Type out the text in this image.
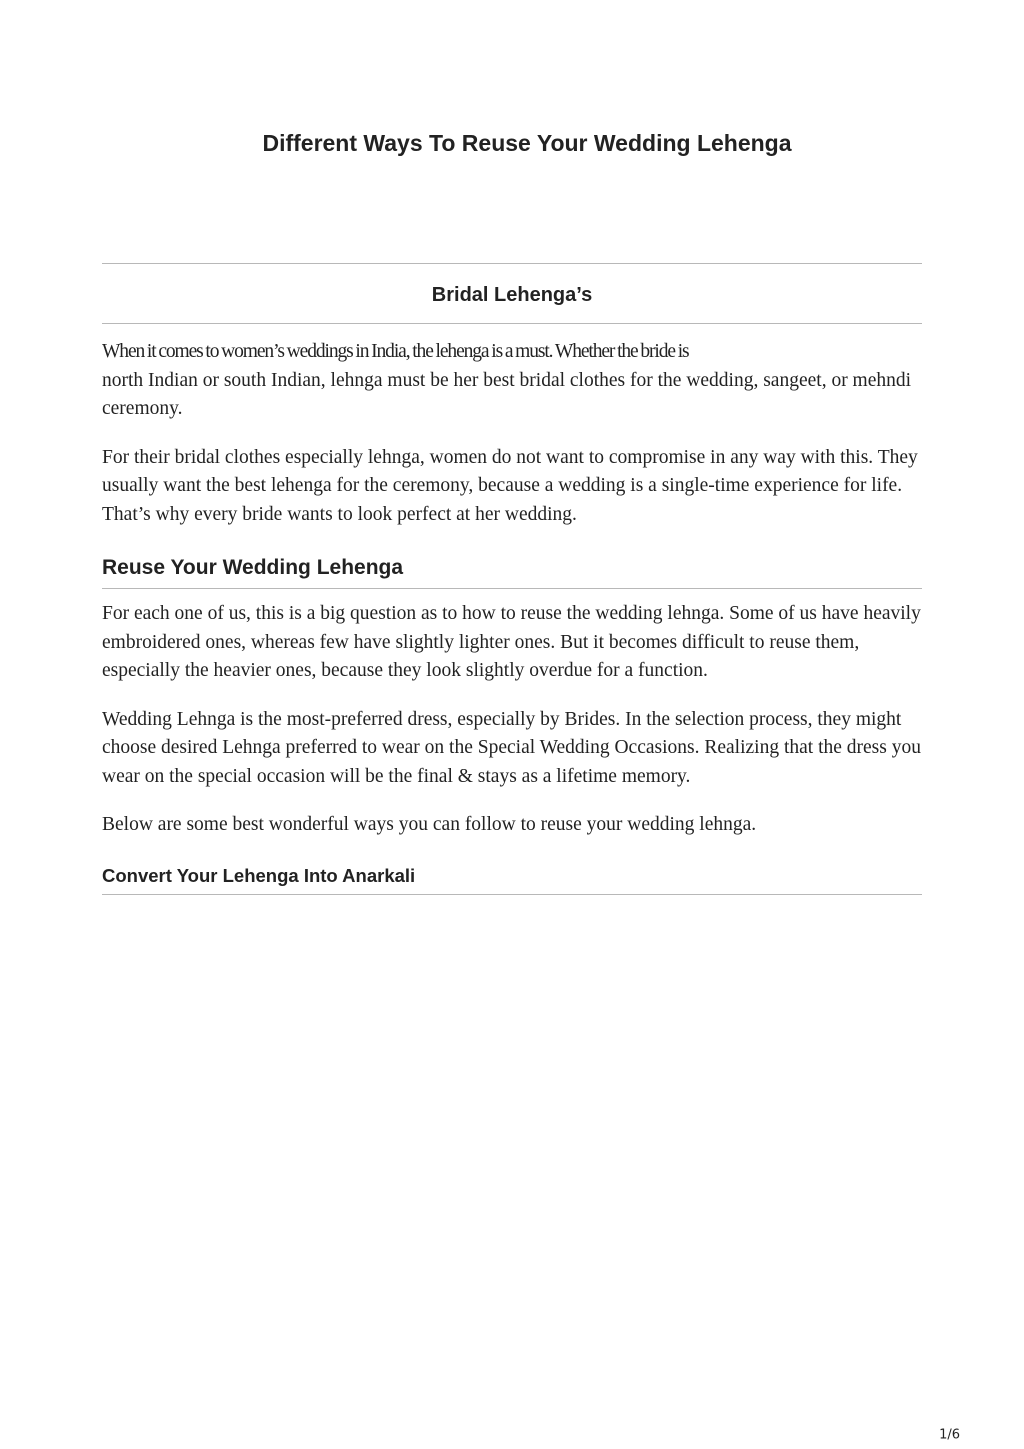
Different Ways To Reuse Your Wedding Lehenga
Bridal Lehenga’s

When it comes to women’s weddings in India, the lehenga is a must. Whether the bride is
north Indian or south Indian, lehnga must be her best bridal clothes for the wedding, sangeet, or mehndi ceremony.

For their bridal clothes especially lehnga, women do not want to compromise in any way with this. They usually want the best lehenga for the ceremony, because a wedding is a single-time experience for life. That’s why every bride wants to look perfect at her wedding.

Reuse Your Wedding Lehenga

For each one of us, this is a big question as to how to reuse the wedding lehnga. Some of us have heavily embroidered ones, whereas few have slightly lighter ones. But it becomes difficult to reuse them, especially the heavier ones, because they look slightly overdue for a function.

Wedding Lehnga is the most-preferred dress, especially by Brides. In the selection process, they might choose desired Lehnga preferred to wear on the Special Wedding Occasions. Realizing that the dress you wear on the special occasion will be the final & stays as a lifetime memory.

Below are some best wonderful ways you can follow to reuse your wedding lehnga.

Convert Your Lehenga Into Anarkali
1/6
